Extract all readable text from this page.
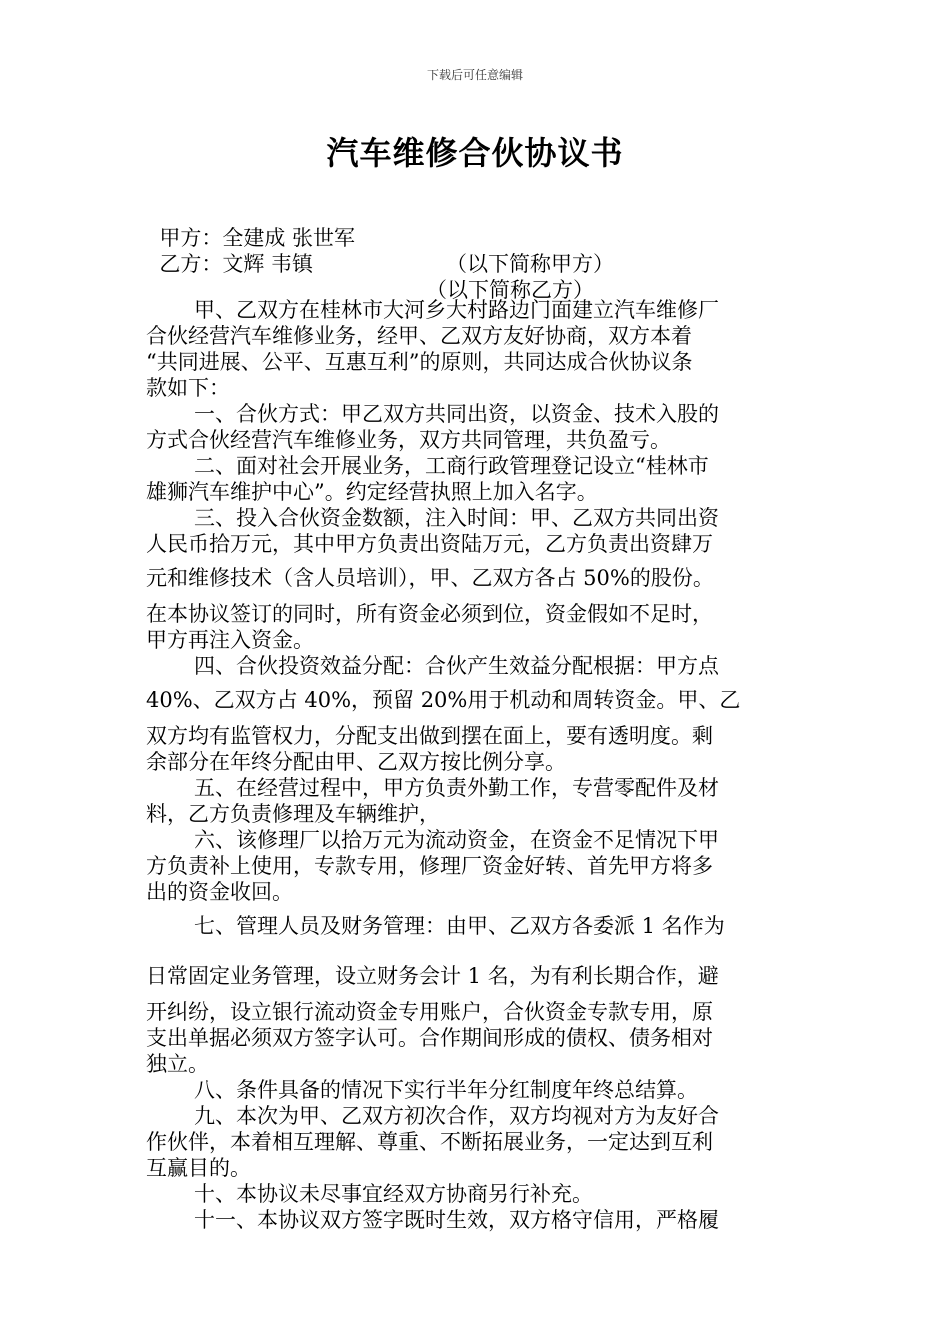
下载后可任意编辑
汽车维修合伙协议书

甲方：全建成 张世军

（以下简称甲方）

乙方：文辉 韦镇

（以下简称乙方）

甲、乙双方在桂林市大河乡大村路边门面建立汽车维修厂
合伙经营汽车维修业务，经甲、乙双方友好协商，双方本着
“共同进展、公平、互惠互利”的原则，共同达成合伙协议条
款如下：
一、合伙方式：甲乙双方共同出资，以资金、技术入股的
方式合伙经营汽车维修业务，双方共同管理，共负盈亏。
二、面对社会开展业务，工商行政管理登记设立“桂林市
雄狮汽车维护中心”。约定经营执照上加入名字。
三、投入合伙资金数额，注入时间：甲、乙双方共同出资
人民币拾万元，其中甲方负责出资陆万元，乙方负责出资肆万
元和维修技术（含人员培训），甲、乙双方各占 50%的股份。
在本协议签订的同时，所有资金必须到位，资金假如不足时，
甲方再注入资金。
四、合伙投资效益分配：合伙产生效益分配根据：甲方点
40%、乙双方占 40%，预留 20%用于机动和周转资金。甲、乙
双方均有监管权力，分配支出做到摆在面上，要有透明度。剩
余部分在年终分配由甲、乙双方按比例分享。
五、在经营过程中，甲方负责外勤工作，专营零配件及材
料，乙方负责修理及车辆维护，
六、该修理厂以拾万元为流动资金，在资金不足情况下甲
方负责补上使用，专款专用，修理厂资金好转、首先甲方将多
出的资金收回。
七、管理人员及财务管理：由甲、乙双方各委派 1 名作为
日常固定业务管理，设立财务会计 1 名，为有利长期合作，避
开纠纷，设立银行流动资金专用账户，合伙资金专款专用，原
支出单据必须双方签字认可。合作期间形成的债权、债务相对
独立。
八、条件具备的情况下实行半年分红制度年终总结算。
九、本次为甲、乙双方初次合作，双方均视对方为友好合
作伙伴，本着相互理解、尊重、不断拓展业务，一定达到互利
互赢目的。
十、本协议未尽事宜经双方协商另行补充。
十一、本协议双方签字既时生效，双方格守信用，严格履
